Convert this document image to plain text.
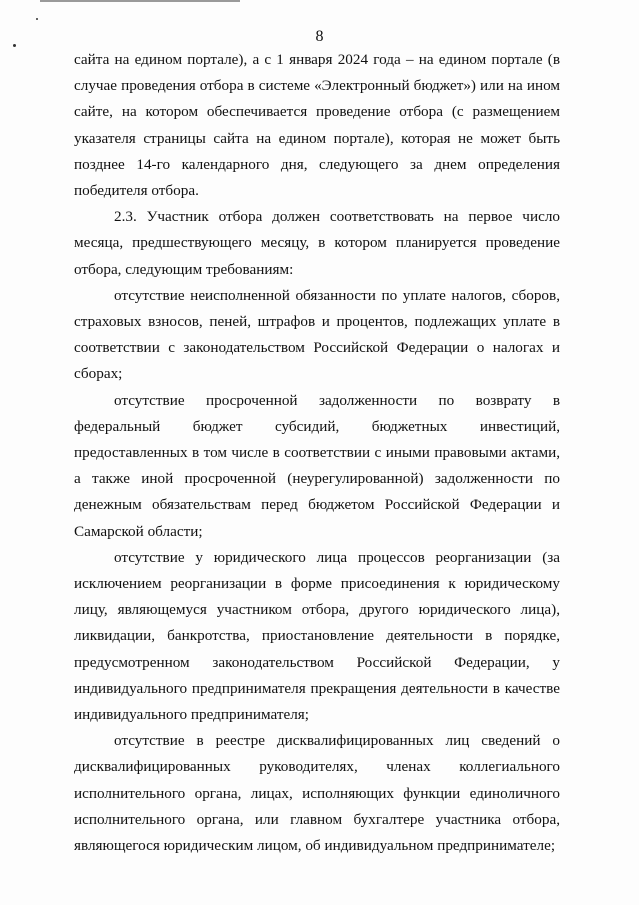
8

сайта на едином портале), а с 1 января 2024 года – на едином портале (в случае проведения отбора в системе «Электронный бюджет») или на ином сайте, на котором обеспечивается проведение отбора (с размещением указателя страницы сайта на едином портале), которая не может быть позднее 14-го календарного дня, следующего за днем определения победителя отбора.

2.3. Участник отбора должен соответствовать на первое число месяца, предшествующего месяцу, в котором планируется проведение отбора, следующим требованиям:

отсутствие неисполненной обязанности по уплате налогов, сборов, страховых взносов, пеней, штрафов и процентов, подлежащих уплате в соответствии с законодательством Российской Федерации о налогах и сборах;

отсутствие просроченной задолженности по возврату в федеральный бюджет субсидий, бюджетных инвестиций, предоставленных в том числе в соответствии с иными правовыми актами, а также иной просроченной (неурегулированной) задолженности по денежным обязательствам перед бюджетом Российской Федерации и Самарской области;

отсутствие у юридического лица процессов реорганизации (за исключением реорганизации в форме присоединения к юридическому лицу, являющемуся участником отбора, другого юридического лица), ликвидации, банкротства, приостановление деятельности в порядке, предусмотренном законодательством Российской Федерации, у индивидуального предпринимателя прекращения деятельности в качестве индивидуального предпринимателя;

отсутствие в реестре дисквалифицированных лиц сведений о дисквалифицированных руководителях, членах коллегиального исполнительного органа, лицах, исполняющих функции единоличного исполнительного органа, или главном бухгалтере участника отбора, являющегося юридическим лицом, об индивидуальном предпринимателе;
